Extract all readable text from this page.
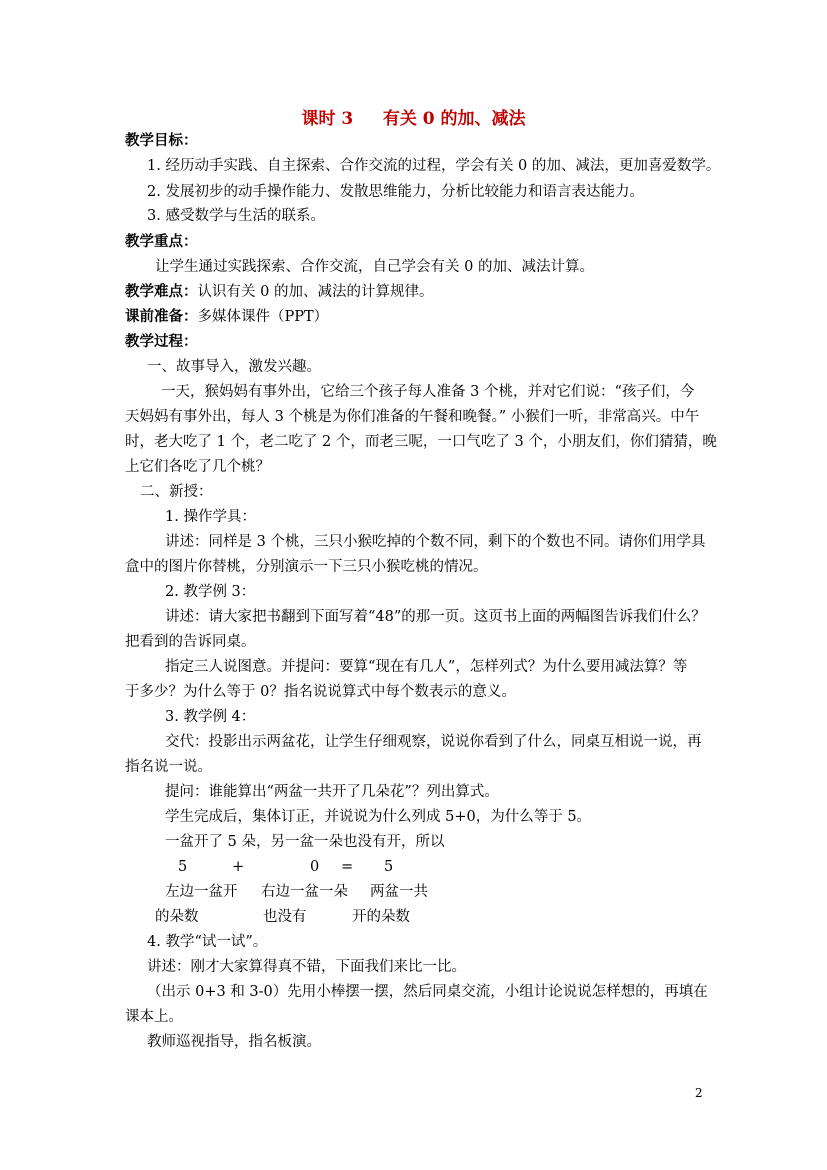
课时 3     有关 0 的加、减法
教学目标：
1. 经历动手实践、自主探索、合作交流的过程，学会有关 0 的加、减法，更加喜爱数学。
2. 发展初步的动手操作能力、发散思维能力，分析比较能力和语言表达能力。
3. 感受数学与生活的联系。
教学重点：
让学生通过实践探索、合作交流，自己学会有关 0 的加、减法计算。
教学难点：认识有关 0 的加、减法的计算规律。
课前准备：多媒体课件（PPT）
教学过程：
一、故事导入，激发兴趣。
一天，猴妈妈有事外出，它给三个孩子每人准备 3 个桃，并对它们说：“孩子们，今
天妈妈有事外出，每人 3 个桃是为你们准备的午餐和晚餐。” 小猴们一听，非常高兴。中午
时，老大吃了 1 个，老二吃了 2 个，而老三呢，一口气吃了 3 个，小朋友们，你们猜猜，晚
上它们各吃了几个桃？
二、新授：
1. 操作学具：
讲述：同样是 3 个桃，三只小猴吃掉的个数不同，剩下的个数也不同。请你们用学具
盒中的图片你替桃，分别演示一下三只小猴吃桃的情况。
2. 教学例 3：
讲述：请大家把书翻到下面写着“48”的那一页。这页书上面的两幅图告诉我们什么？
把看到的告诉同桌。
指定三人说图意。并提问：要算“现在有几人”，怎样列式？为什么要用减法算？等
于多少？为什么等于 0？指名说说算式中每个数表示的意义。
3. 教学例 4：
交代：投影出示两盆花，让学生仔细观察，说说你看到了什么，同桌互相说一说，再
指名说一说。
提问：谁能算出“两盆一共开了几朵花”？列出算式。
学生完成后，集体订正，并说说为什么列成 5+0，为什么等于 5。
一盆开了 5 朵，另一盆一朵也没有开，所以
5	+	0 = 5
左边一盆开 右边一盆一朵 两盆一共
的朵数	也没有	开的朵数
4. 教学“试一试”。
讲述：刚才大家算得真不错，下面我们来比一比。
（出示 0+3 和 3-0）先用小棒摆一摆，然后同桌交流，小组计论说说怎样想的，再填在
课本上。
教师巡视指导，指名板演。
2
